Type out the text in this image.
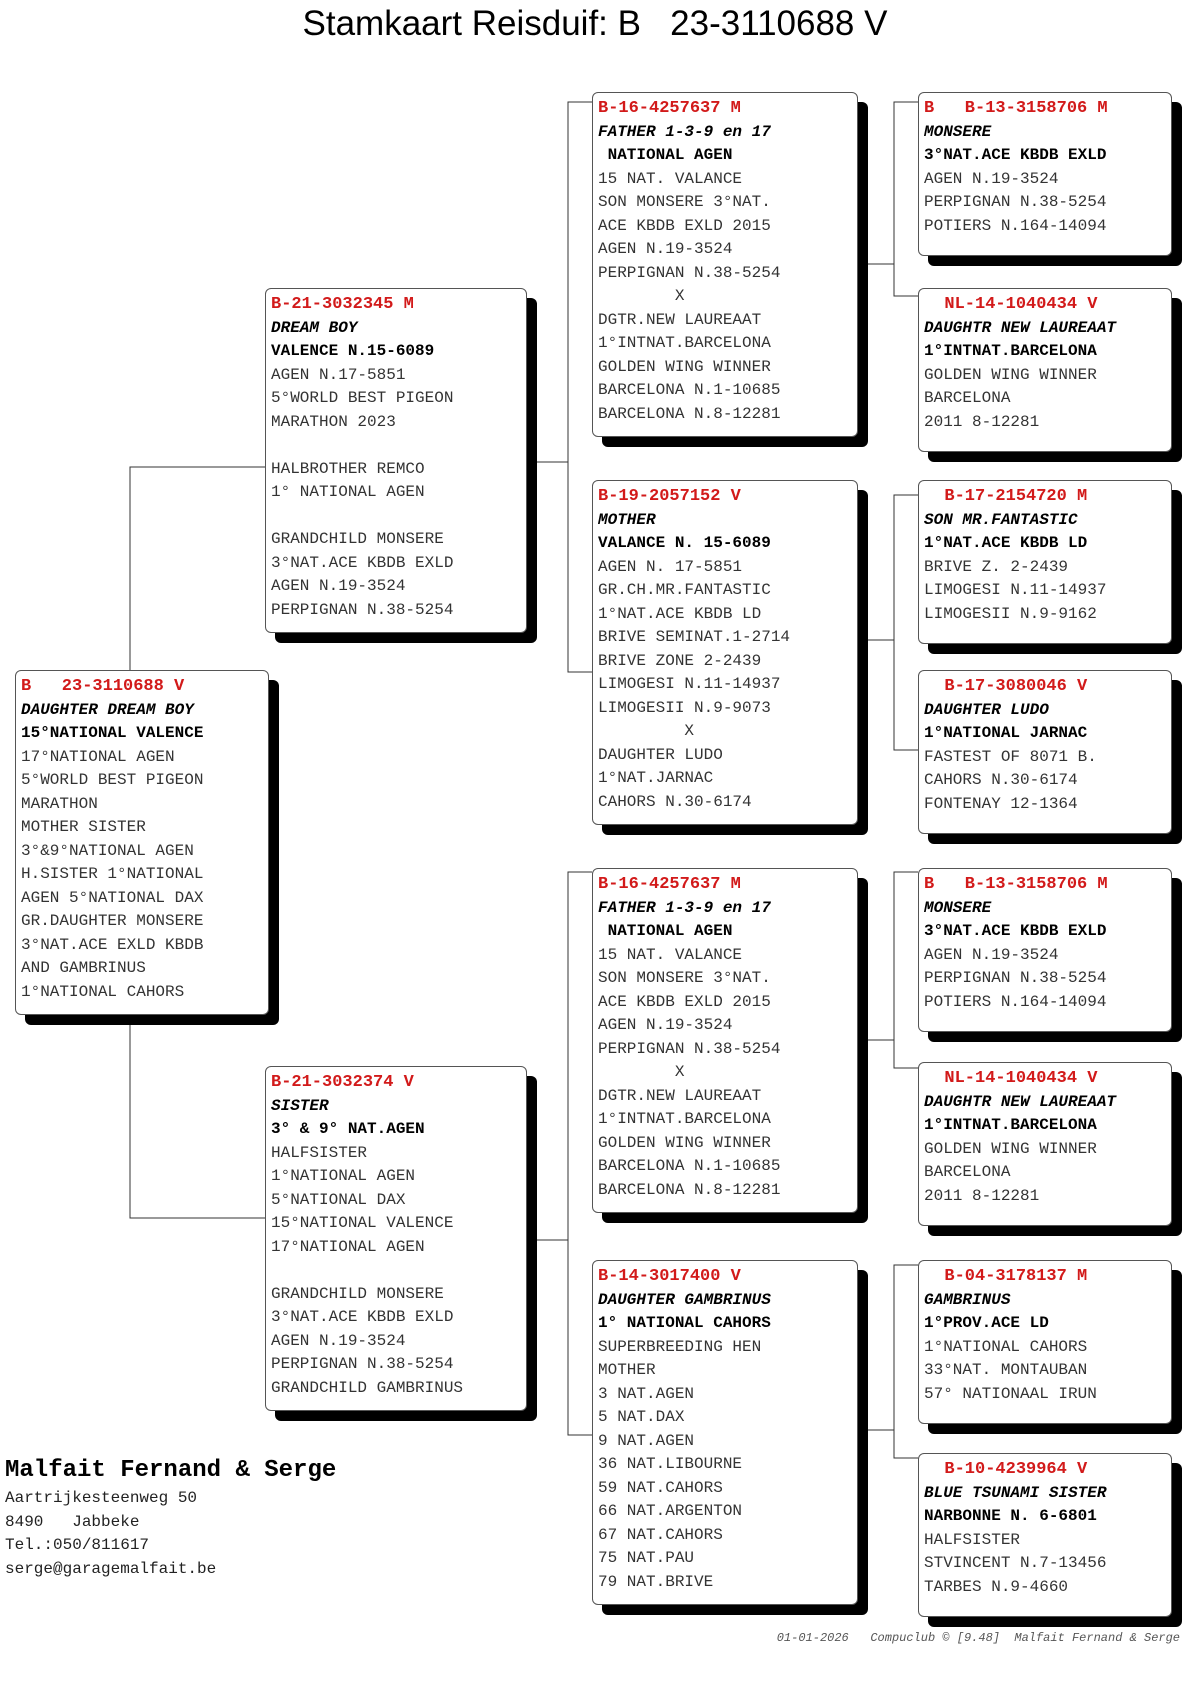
Stamkaart Reisduif: B   23-3110688 V
B   23-3110688 V
DAUGHTER DREAM BOY
15°NATIONAL VALENCE
17°NATIONAL AGEN
5°WORLD BEST PIGEON
MARATHON
MOTHER SISTER
3°&9°NATIONAL AGEN
H.SISTER 1°NATIONAL
AGEN 5°NATIONAL DAX
GR.DAUGHTER MONSERE
3°NAT.ACE EXLD KBDB
AND GAMBRINUS
1°NATIONAL CAHORS
B-21-3032345 M
DREAM BOY
VALENCE N.15-6089
AGEN N.17-5851
5°WORLD BEST PIGEON
MARATHON 2023
HALBROTHER REMCO
1° NATIONAL AGEN
GRANDCHILD MONSERE
3°NAT.ACE KBDB EXLD
AGEN N.19-3524
PERPIGNAN N.38-5254
B-21-3032374 V
SISTER
3° & 9° NAT.AGEN
HALFSISTER
1°NATIONAL AGEN
5°NATIONAL DAX
15°NATIONAL VALENCE
17°NATIONAL AGEN
GRANDCHILD MONSERE
3°NAT.ACE KBDB EXLD
AGEN N.19-3524
PERPIGNAN N.38-5254
GRANDCHILD GAMBRINUS
B-16-4257637 M
FATHER 1-3-9 en 17
NATIONAL AGEN
15 NAT. VALANCE
SON MONSERE 3°NAT.
ACE KBDB EXLD 2015
AGEN N.19-3524
PERPIGNAN N.38-5254
X
DGTR.NEW LAUREAAT
1°INTNAT.BARCELONA
GOLDEN WING WINNER
BARCELONA N.1-10685
BARCELONA N.8-12281
B-19-2057152 V
MOTHER
VALANCE N. 15-6089
AGEN N. 17-5851
GR.CH.MR.FANTASTIC
1°NAT.ACE KBDB LD
BRIVE SEMINAT.1-2714
BRIVE ZONE 2-2439
LIMOGESI N.11-14937
LIMOGESII N.9-9073
X
DAUGHTER LUDO
1°NAT.JARNAC
CAHORS N.30-6174
B-16-4257637 M
FATHER 1-3-9 en 17
NATIONAL AGEN
15 NAT. VALANCE
SON MONSERE 3°NAT.
ACE KBDB EXLD 2015
AGEN N.19-3524
PERPIGNAN N.38-5254
X
DGTR.NEW LAUREAAT
1°INTNAT.BARCELONA
GOLDEN WING WINNER
BARCELONA N.1-10685
BARCELONA N.8-12281
B-14-3017400 V
DAUGHTER GAMBRINUS
1° NATIONAL CAHORS
SUPERBREEDING HEN
MOTHER
3 NAT.AGEN
5 NAT.DAX
9 NAT.AGEN
36 NAT.LIBOURNE
59 NAT.CAHORS
66 NAT.ARGENTON
67 NAT.CAHORS
75 NAT.PAU
79 NAT.BRIVE
B   B-13-3158706 M
MONSERE
3°NAT.ACE KBDB EXLD
AGEN N.19-3524
PERPIGNAN N.38-5254
POTIERS N.164-14094
NL-14-1040434 V
DAUGHTR NEW LAUREAAT
1°INTNAT.BARCELONA
GOLDEN WING WINNER
BARCELONA
2011 8-12281
B-17-2154720 M
SON MR.FANTASTIC
1°NAT.ACE KBDB LD
BRIVE Z. 2-2439
LIMOGESI N.11-14937
LIMOGESII N.9-9162
B-17-3080046 V
DAUGHTER LUDO
1°NATIONAL JARNAC
FASTEST OF 8071 B.
CAHORS N.30-6174
FONTENAY 12-1364
B   B-13-3158706 M
MONSERE
3°NAT.ACE KBDB EXLD
AGEN N.19-3524
PERPIGNAN N.38-5254
POTIERS N.164-14094
NL-14-1040434 V
DAUGHTR NEW LAUREAAT
1°INTNAT.BARCELONA
GOLDEN WING WINNER
BARCELONA
2011 8-12281
B-04-3178137 M
GAMBRINUS
1°PROV.ACE LD
1°NATIONAL CAHORS
33°NAT. MONTAUBAN
57° NATIONAAL IRUN
B-10-4239964 V
BLUE TSUNAMI SISTER
NARBONNE N. 6-6801
HALFSISTER
STVINCENT N.7-13456
TARBES N.9-4660
Malfait Fernand & Serge
Aartrijkesteenweg 50
8490   Jabbeke
Tel.:050/811617
serge@garagemalfait.be
01-01-2026   Compuclub © [9.48]  Malfait Fernand & Serge
